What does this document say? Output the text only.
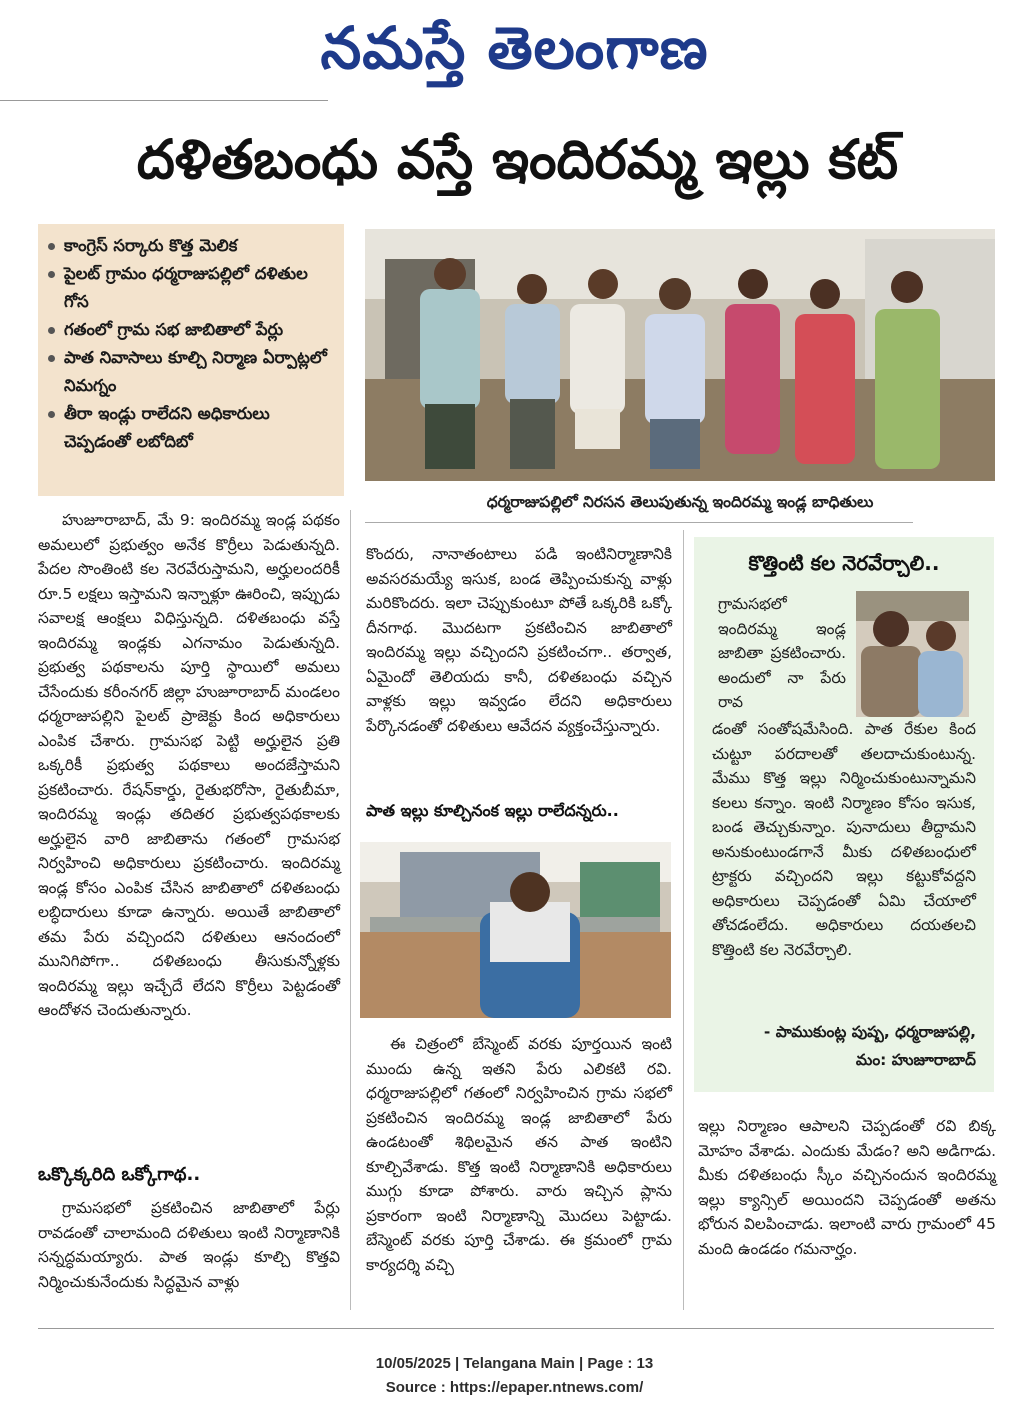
నమస్తే తెలంగాణ
దళితబంధు వస్తే ఇందిరమ్మ ఇల్లు కట్
కాంగ్రెస్ సర్కారు కొత్త మెలిక
పైలట్ గ్రామం ధర్మరాజుపల్లిలో దళితుల గోస
గతంలో గ్రామ సభ జాబితాలో పేర్లు
పాత నివాసాలు కూల్చి నిర్మాణ ఏర్పాట్లలో నిమగ్నం
తీరా ఇండ్లు రాలేదని అధికారులు చెప్పడంతో లబోదిబో
ధర్మరాజుపల్లిలో నిరసన తెలుపుతున్న ఇందిరమ్మ ఇండ్ల బాధితులు

హుజూరాబాద్, మే 9: ఇందిరమ్మ ఇండ్ల పథకం అమలులో ప్రభుత్వం అనేక కొర్రీలు పెడుతున్నది. పేదల సొంతింటి కల నెరవేరుస్తామని, అర్హులందరికీ రూ.5 లక్షలు ఇస్తామని ఇన్నాళ్లూ ఊరించి, ఇప్పుడు సవాలక్ష ఆంక్షలు విధిస్తున్నది. దళితబంధు వస్తే ఇందిరమ్మ ఇండ్లకు ఎగనామం పెడుతున్నది. ప్రభుత్వ పథకాలను పూర్తి స్థాయిలో అమలు చేసేందుకు కరీంనగర్ జిల్లా హుజూరాబాద్ మండలం ధర్మరాజుపల్లిని పైలట్ ప్రాజెక్టు కింద అధికారులు ఎంపిక చేశారు. గ్రామసభ పెట్టి అర్హులైన ప్రతి ఒక్కరికీ ప్రభుత్వ పథకాలు అందజేస్తామని ప్రకటించారు. రేషన్‌కార్డు, రైతుభరోసా, రైతుబీమా, ఇందిరమ్మ ఇండ్లు తదితర ప్రభుత్వపథకాలకు అర్హులైన వారి జాబితాను గతంలో గ్రామసభ నిర్వహించి అధికారులు ప్రకటించారు. ఇందిరమ్మ ఇండ్ల కోసం ఎంపిక చేసిన జాబితాలో దళితబంధు లబ్ధిదారులు కూడా ఉన్నారు. అయితే జాబితాలో తమ పేరు వచ్చిందని దళితులు ఆనందంలో మునిగిపోగా.. దళితబంధు తీసుకున్నోళ్లకు ఇందిరమ్మ ఇల్లు ఇచ్చేదే లేదని కొర్రీలు పెట్టడంతో ఆందోళన చెందుతున్నారు.

ఒక్కొక్కరిది ఒక్కోగాథ..

గ్రామసభలో ప్రకటించిన జాబితాలో పేర్లు రావడంతో చాలామంది దళితులు ఇంటి నిర్మాణానికి సన్నద్ధమయ్యారు. పాత ఇండ్లు కూల్చి కొత్తవి నిర్మించుకునేందుకు సిద్ధమైన వాళ్లు

కొందరు, నానాతంటాలు పడి ఇంటినిర్మాణానికి అవసరమయ్యే ఇసుక, బండ తెప్పించుకున్న వాళ్లు మరికొందరు. ఇలా చెప్పుకుంటూ పోతే ఒక్కరికి ఒక్కో దీనగాథ. మొదటగా ప్రకటించిన జాబితాలో ఇందిరమ్మ ఇల్లు వచ్చిందని ప్రకటించగా.. తర్వాత, ఏమైందో తెలియదు కానీ, దళితబంధు వచ్చిన వాళ్లకు ఇల్లు ఇవ్వడం లేదని అధికారులు పేర్కొనడంతో దళితులు ఆవేదన వ్యక్తంచేస్తున్నారు.

పాత ఇల్లు కూల్చినంక ఇల్లు రాలేదన్నరు..

ఈ చిత్రంలో బేస్మెంట్ వరకు పూర్తయిన ఇంటి ముందు ఉన్న ఇతని పేరు ఎలికటి రవి. ధర్మరాజుపల్లిలో గతంలో నిర్వహించిన గ్రామ సభలో ప్రకటించిన ఇందిరమ్మ ఇండ్ల జాబితాలో పేరు ఉండటంతో శిథిలమైన తన పాత ఇంటిని కూల్చివేశాడు. కొత్త ఇంటి నిర్మాణానికి అధికారులు ముగ్గు కూడా పోశారు. వారు ఇచ్చిన ప్లాను ప్రకారంగా ఇంటి నిర్మాణాన్ని మొదలు పెట్టాడు. బేస్మెంట్ వరకు పూర్తి చేశాడు. ఈ క్రమంలో గ్రామ కార్యదర్శి వచ్చి

కొత్తింటి కల నెరవేర్చాలి..
గ్రామసభలో ఇందిరమ్మ ఇండ్ల జాబితా ప్రకటించారు. అందులో నా పేరు రావ
డంతో సంతోషమేసింది. పాత రేకుల కింద చుట్టూ పరదాలతో తలదాచుకుంటున్న. మేము కొత్త ఇల్లు నిర్మించుకుంటున్నామని కలలు కన్నాం. ఇంటి నిర్మాణం కోసం ఇసుక, బండ తెచ్చుకున్నాం. పునాదులు తీద్దామని అనుకుంటుండగానే మీకు దళితబంధులో ట్రాక్టరు వచ్చిందని ఇల్లు కట్టుకోవద్దని అధికారులు చెప్పడంతో ఏమి చేయాలో తోచడంలేదు. అధికారులు దయతలచి కొత్తింటి కల నెరవేర్చాలి.
- పాముకుంట్ల పుష్ప, ధర్మరాజుపల్లి,
మం: హుజూరాబాద్

ఇల్లు నిర్మాణం ఆపాలని చెప్పడంతో రవి బిక్క మోహం వేశాడు. ఎందుకు మేడం? అని అడిగాడు. మీకు దళితబంధు స్కీం వచ్చినందున ఇందిరమ్మ ఇల్లు క్యాన్సిల్ అయిందని చెప్పడంతో అతను భోరున విలపించాడు. ఇలాంటి వారు గ్రామంలో 45 మంది ఉండడం గమనార్హం.

10/05/2025 | Telangana Main | Page : 13
Source : https://epaper.ntnews.com/
